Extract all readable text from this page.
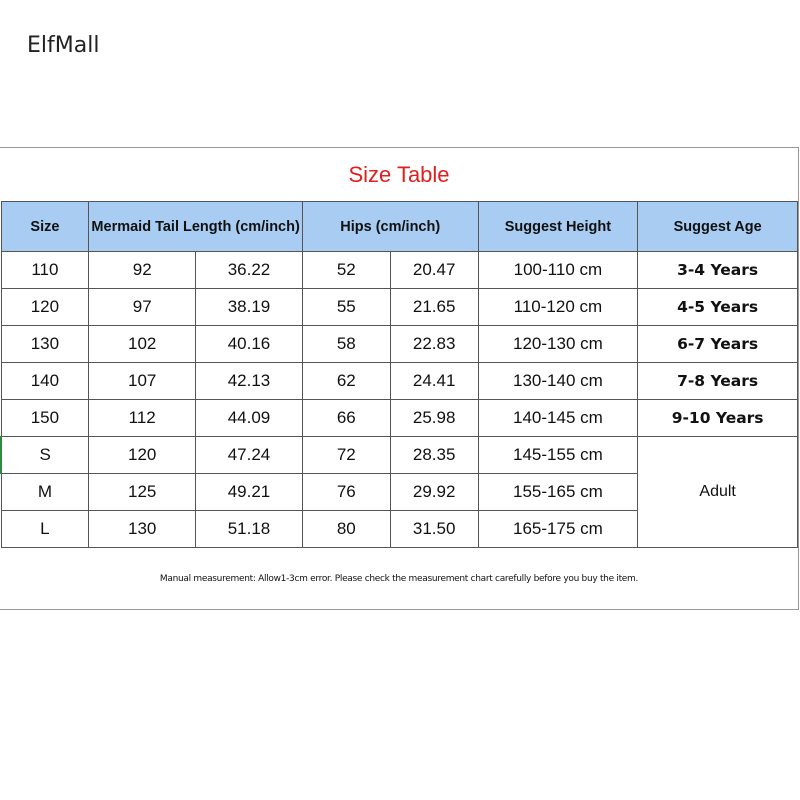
ElfMall
Size Table
Size	Mermaid Tail Length (cm/inch)		Hips (cm/inch)		Suggest Height	Suggest Age
110	92	36.22	52	20.47	100-110 cm	3-4 Years
120	97	38.19	55	21.65	110-120 cm	4-5 Years
130	102	40.16	58	22.83	120-130 cm	6-7 Years
140	107	42.13	62	24.41	130-140 cm	7-8 Years
150	112	44.09	66	25.98	140-145 cm	9-10 Years
S	120	47.24	72	28.35	145-155 cm	Adult
M	125	49.21	76	29.92	155-165 cm	
L	130	51.18	80	31.50	165-175 cm	
Manual measurement: Allow1-3cm error. Please check the measurement chart carefully before you buy the item.
